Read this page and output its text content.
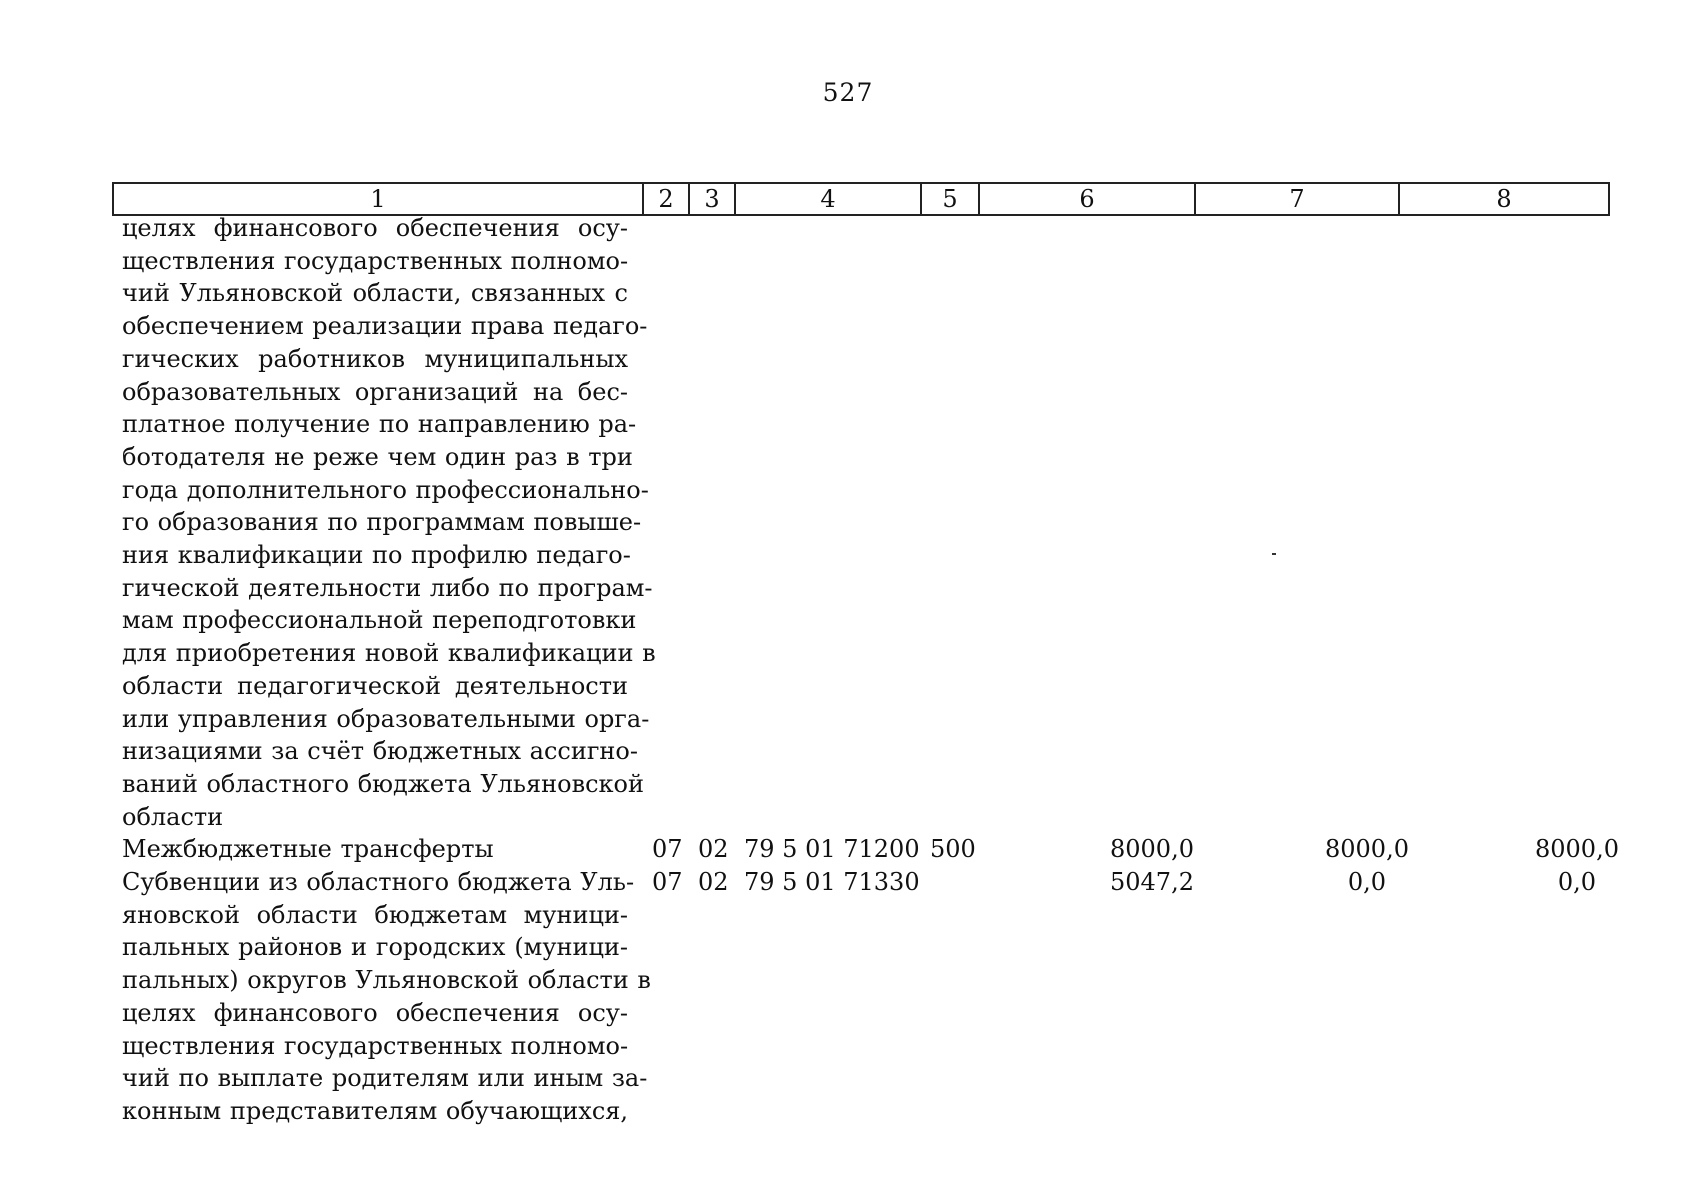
527
1	2	3	4	5	6	7	8
целях финансового обеспечения осу-
ществления государственных полномо-
чий Ульяновской области, связанных с
обеспечением реализации права педаго-
гических работников муниципальных
образовательных организаций на бес-
платное получение по направлению ра-
ботодателя не реже чем один раз в три
года дополнительного профессионально-
го образования по программам повыше-
ния квалификации по профилю педаго-
гической деятельности либо по програм-
мам профессиональной переподготовки
для приобретения новой квалификации в
области педагогической деятельности
или управления образовательными орга-
низациями за счёт бюджетных ассигно-
ваний областного бюджета Ульяновской
области
Межбюджетные трансферты	07 02 79 5 01 71200 500	8000,0	8000,0	8000,0
Субвенции из областного бюджета Уль-
яновской области бюджетам муници-
пальных районов и городских (муници-
пальных) округов Ульяновской области в
целях финансового обеспечения осу-
ществления государственных полномо-
чий по выплате родителям или иным за-
конным представителям обучающихся,
07 02 79 5 01 71330	5047,2	0,0	0,0
